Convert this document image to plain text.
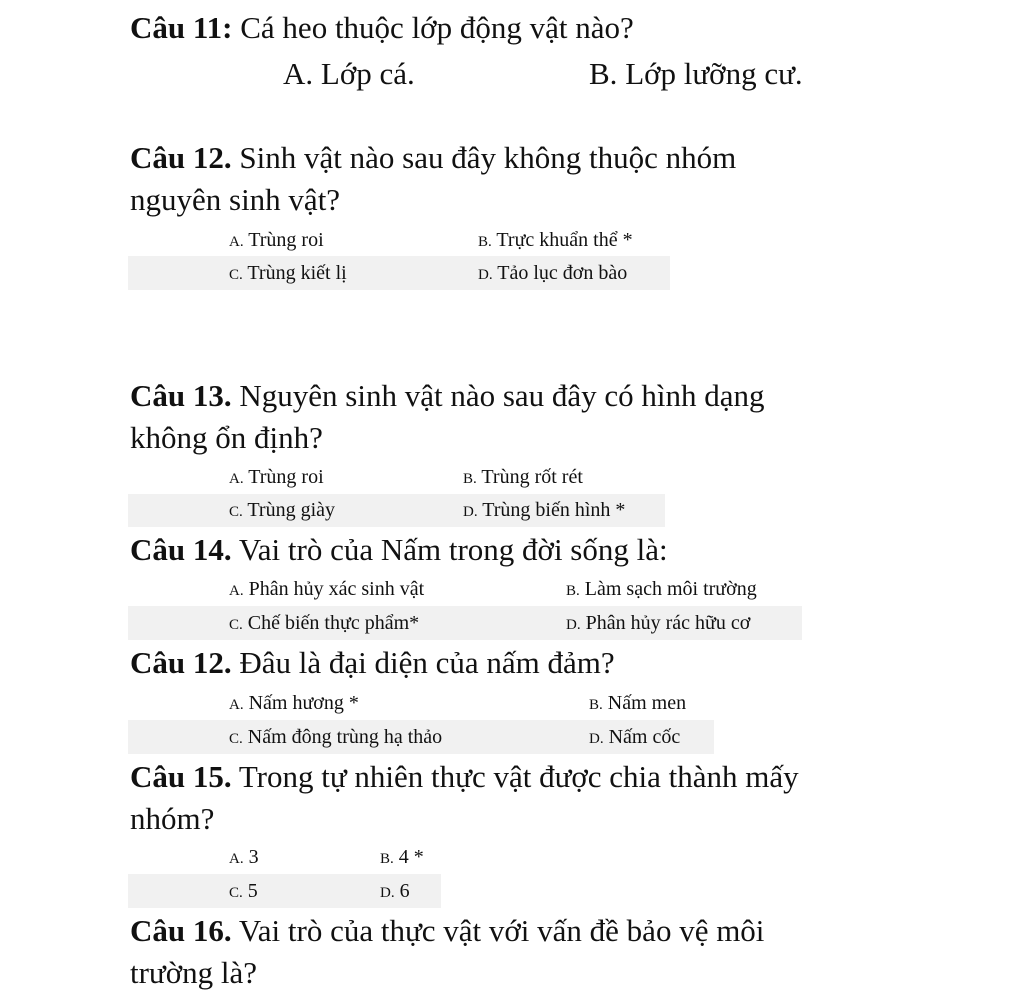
Câu 11: Cá heo thuộc lớp động vật nào?
A. Lớp cá.	B. Lớp lưỡng cư.
Câu 12. Sinh vật nào sau đây không thuộc nhóm
nguyên sinh vật?
A. Trùng roi	B. Trực khuẩn thể *
C. Trùng kiết lị	D. Tảo lục đơn bào
Câu 13. Nguyên sinh vật nào sau đây có hình dạng
không ổn định?
A. Trùng roi	B. Trùng rốt rét
C. Trùng giày	D. Trùng biến hình *
Câu 14. Vai trò của Nấm trong đời sống là:
A. Phân hủy xác sinh vật	B. Làm sạch môi trường
C. Chế biến thực phẩm*	D. Phân hủy rác hữu cơ
Câu 12. Đâu là đại diện của nấm đảm?
A. Nấm hương *	B. Nấm men
C. Nấm đông trùng hạ thảo	D. Nấm cốc
Câu 15. Trong tự nhiên thực vật được chia thành mấy
nhóm?
A. 3	B. 4 *
C. 5	D. 6
Câu 16. Vai trò của thực vật với vấn đề bảo vệ môi
trường là?
